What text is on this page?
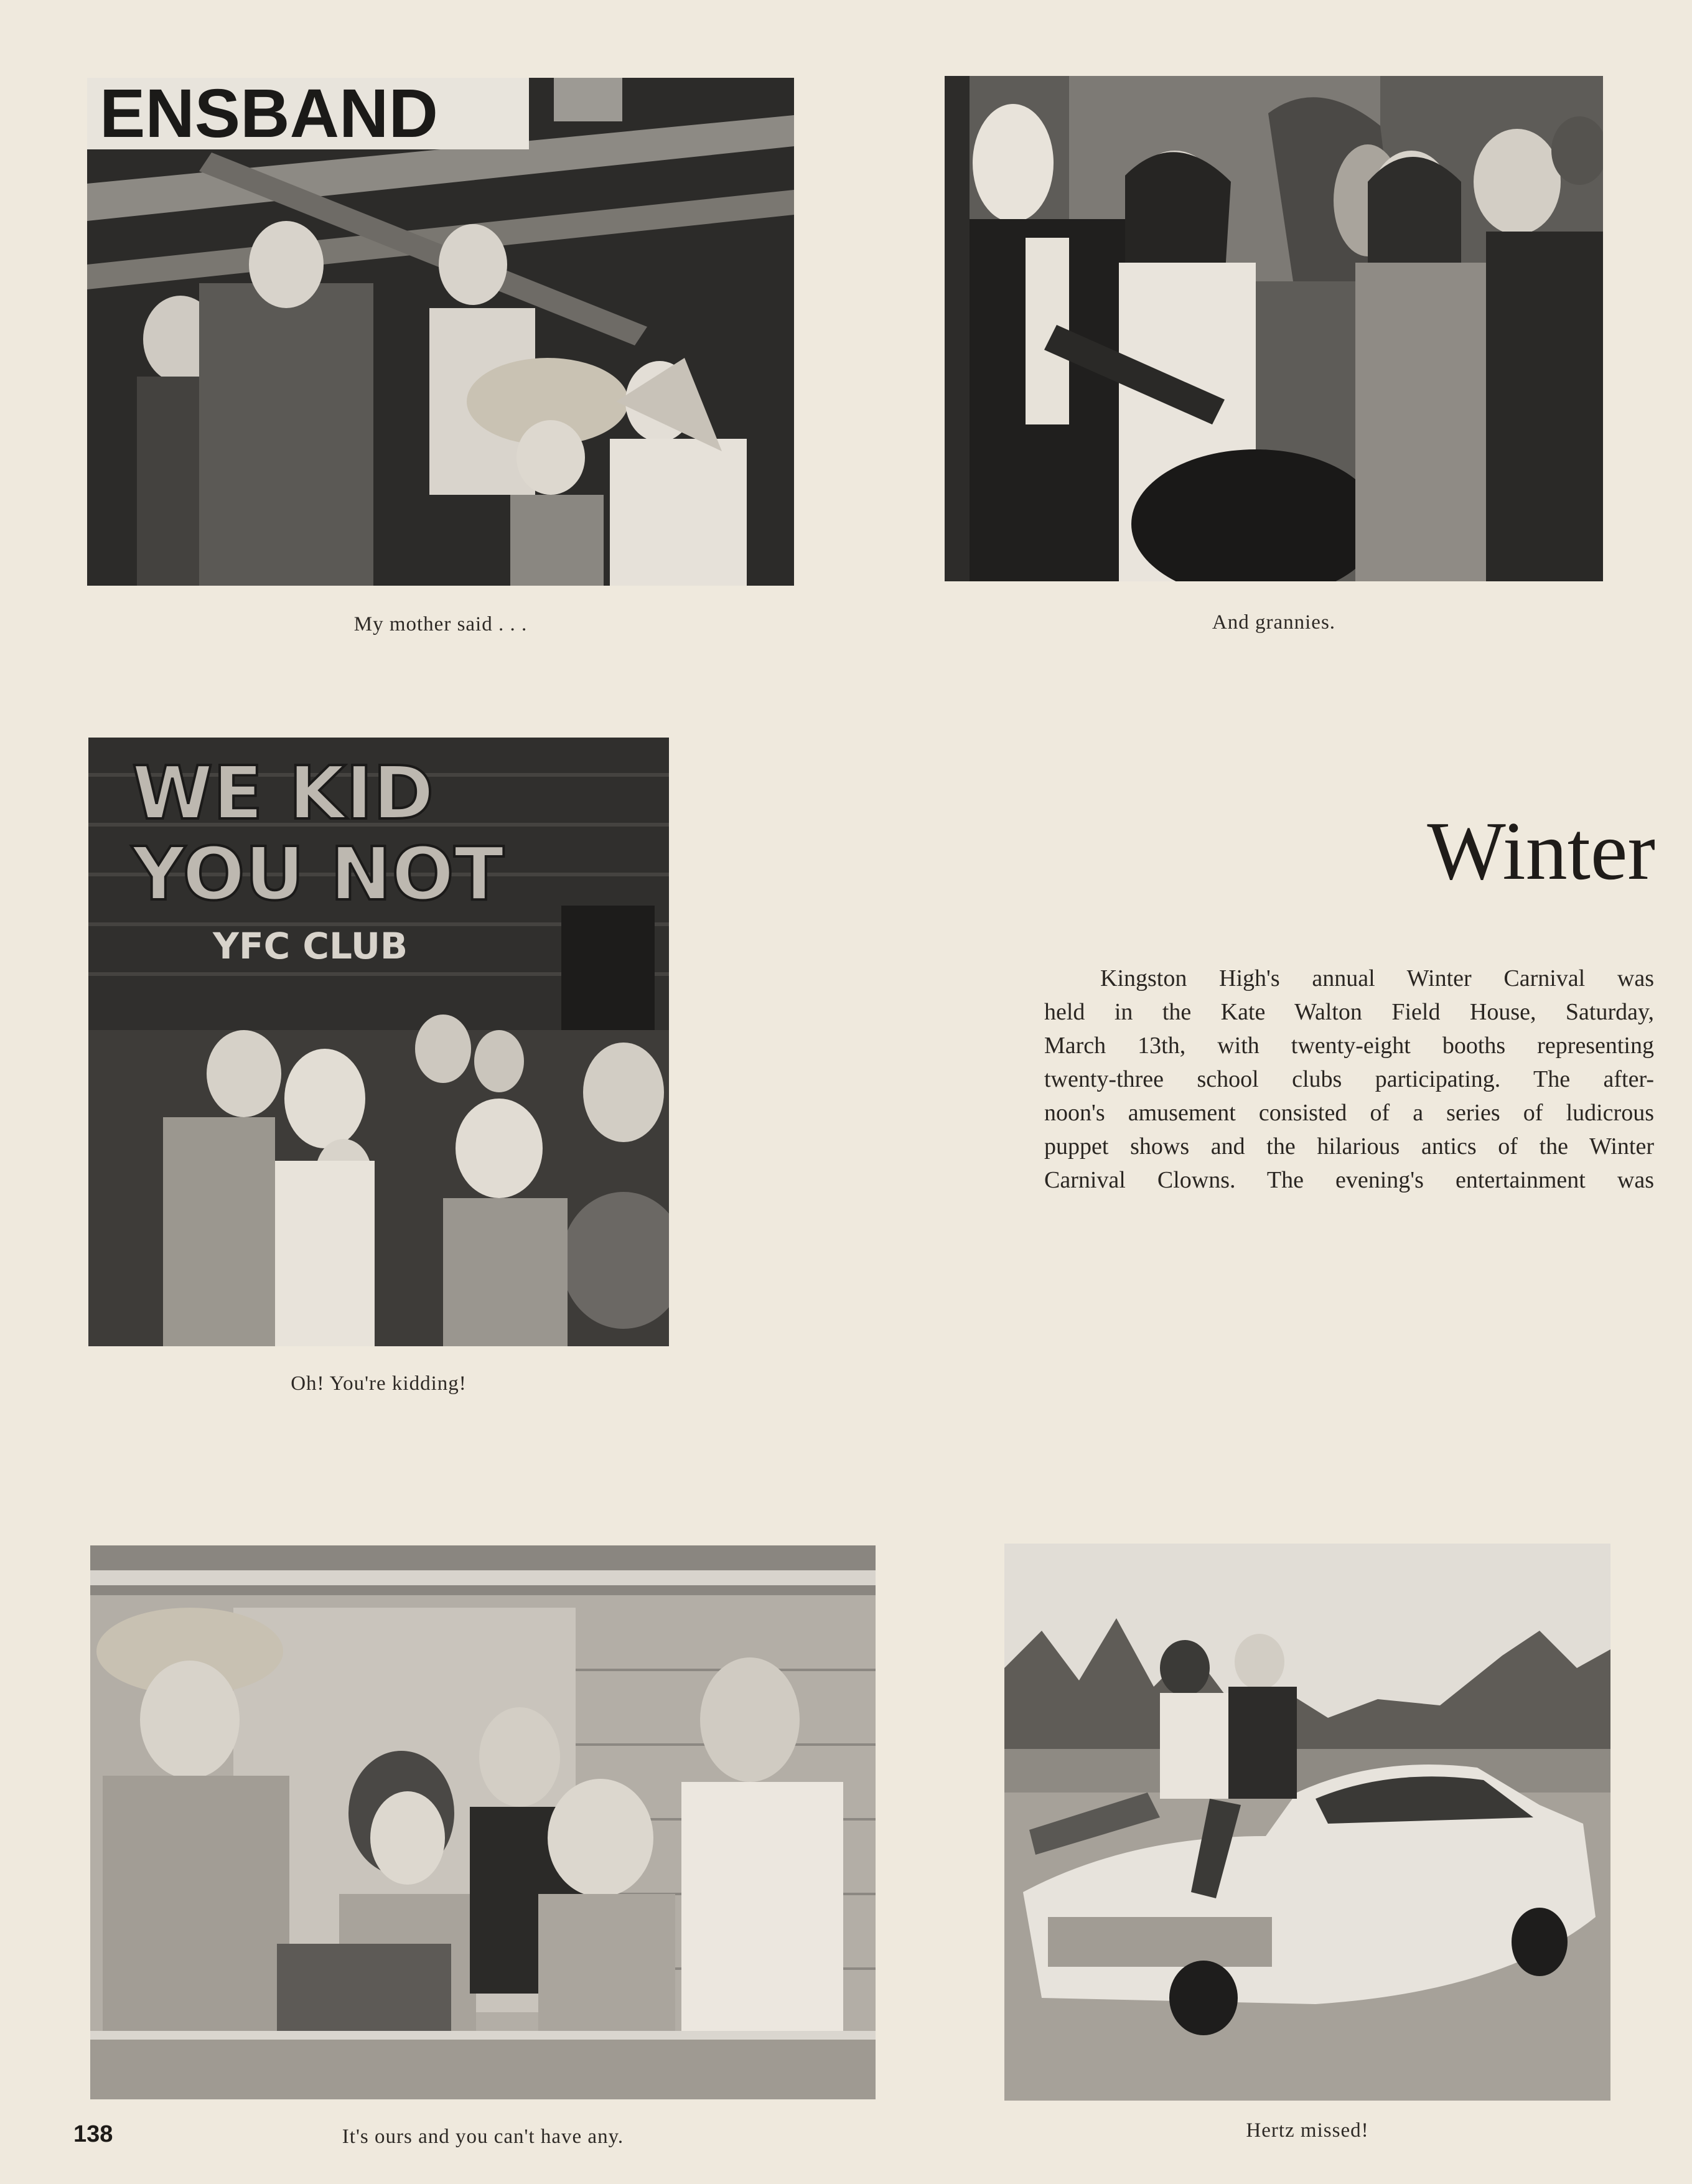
ENSBAND
My mother said . . .	And grannies.
WE KID
YOU NOT
YFC CLUB
Oh! You're kidding!
Winter
Kingston High's annual Winter Carnival was
held in the Kate Walton Field House, Saturday,
March 13th, with twenty-eight booths representing
twenty-three school clubs participating. The after-
noon's amusement consisted of a series of ludicrous
puppet shows and the hilarious antics of the Winter
Carnival Clowns. The evening's entertainment was
It's ours and you can't have any.	Hertz missed!
138
